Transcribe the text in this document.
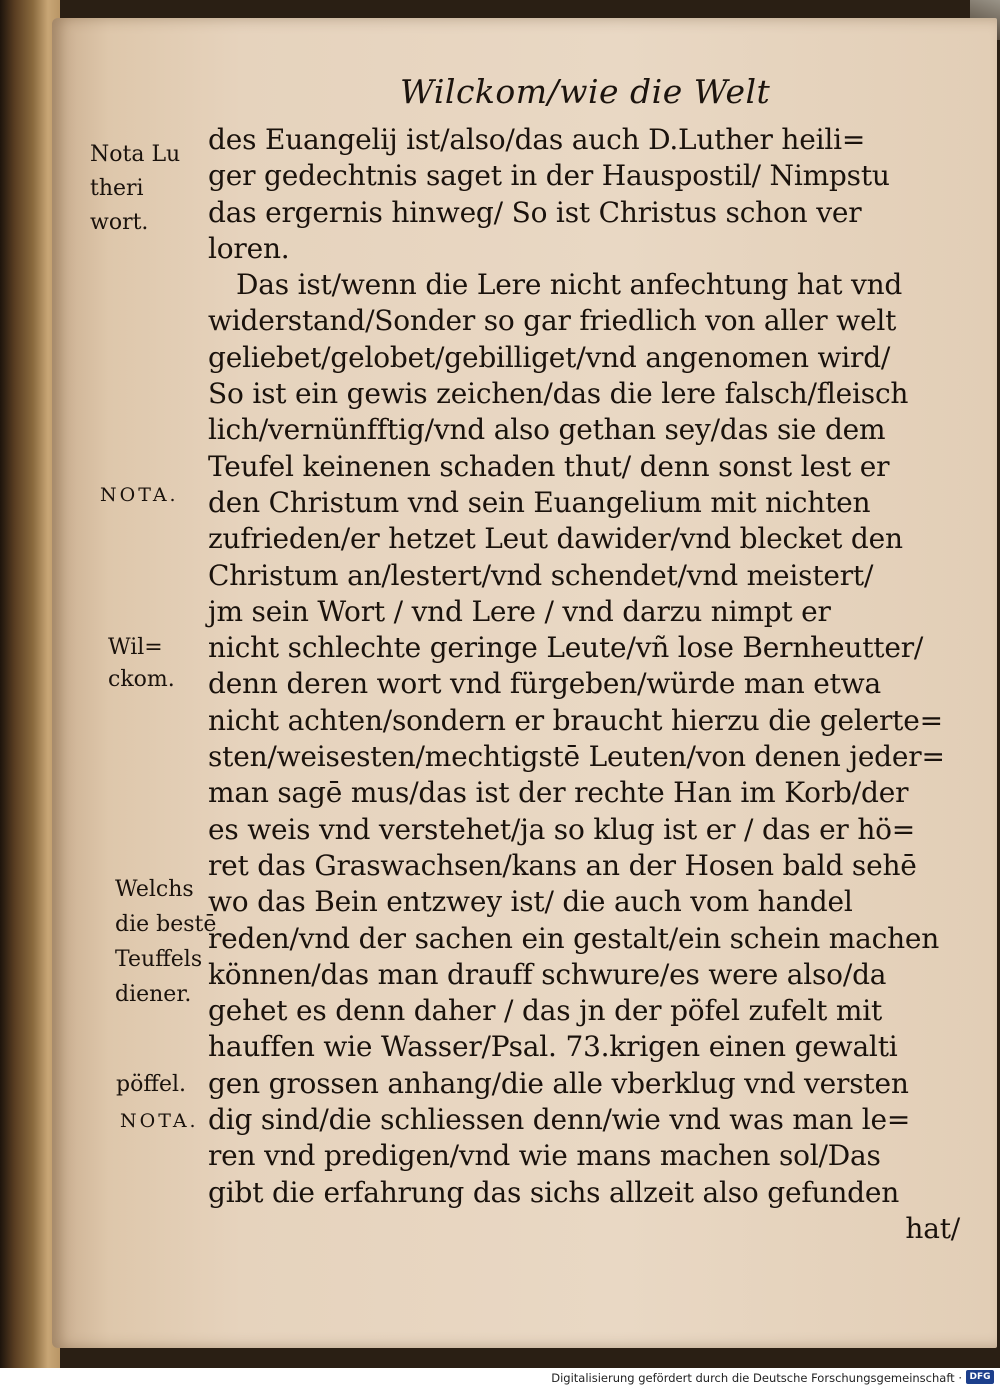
Wilckom/wie die Welt
des Euangelij ist/also/das auch D.Luther heili=
ger gedechtnis saget in der Hauspostil/ Nimpstu
das ergernis hinweg/ So ist Christus schon ver
loren.
Das ist/wenn die Lere nicht anfechtung hat vnd
widerstand/Sonder so gar friedlich von aller welt
geliebet/gelobet/gebilliget/vnd angenomen wird/
So ist ein gewis zeichen/das die lere falsch/fleisch
lich/vernünfftig/vnd also gethan sey/das sie dem
Teufel keinenen schaden thut/ denn sonst lest er
den Christum vnd sein Euangelium mit nichten
zufrieden/er hetzet Leut dawider/vnd blecket den
Christum an/lestert/vnd schendet/vnd meistert/
jm sein Wort / vnd Lere / vnd darzu nimpt er
nicht schlechte geringe Leute/vñ lose Bernheutter/
denn deren wort vnd fürgeben/würde man etwa
nicht achten/sondern er braucht hierzu die gelerte=
sten/weisesten/mechtigstē Leuten/von denen jeder=
man sagē mus/das ist der rechte Han im Korb/der
es weis vnd verstehet/ja so klug ist er / das er hö=
ret das Graswachsen/kans an der Hosen bald sehē
wo das Bein entzwey ist/ die auch vom handel
reden/vnd der sachen ein gestalt/ein schein machen
können/das man drauff schwure/es were also/da
gehet es denn daher / das jn der pöfel zufelt mit
hauffen wie Wasser/Psal. 73.krigen einen gewalti
gen grossen anhang/die alle vberklug vnd versten
dig sind/die schliessen denn/wie vnd was man le=
ren vnd predigen/vnd wie mans machen sol/Das
gibt die erfahrung das sichs allzeit also gefunden
hat/
Nota Lu
theri
wort.
NOTA.
Wil=
ckom.
Welchs
die bestē
Teuffels
diener.
pöffel.
NOTA.
Digitalisierung gefördert durch die Deutsche Forschungsgemeinschaft · DFG
